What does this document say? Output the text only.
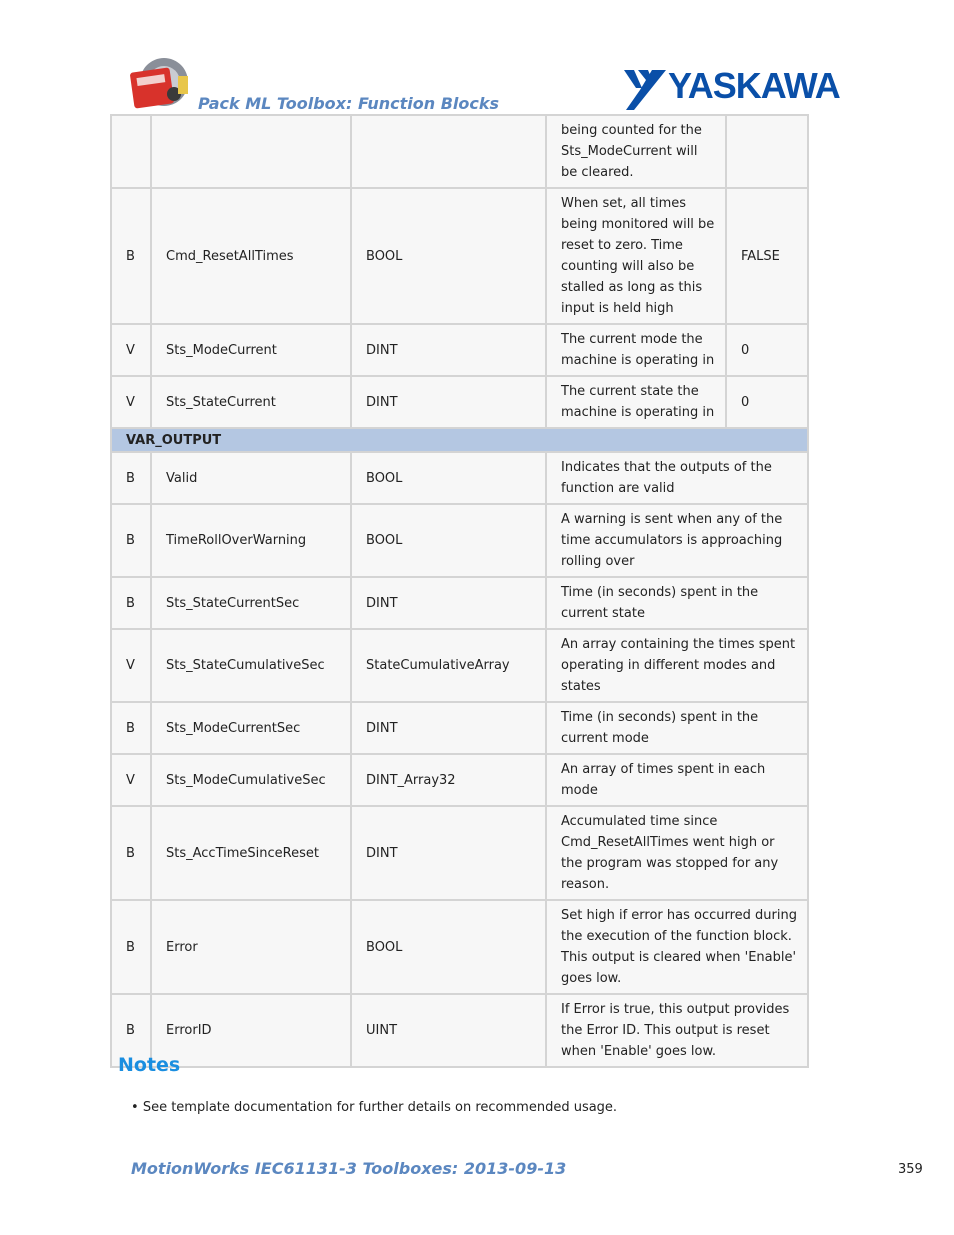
Pack ML Toolbox: Function Blocks	YASKAWA
			being counted for the Sts_ModeCurrent will be cleared.	
B	Cmd_ResetAllTimes	BOOL	When set, all times being monitored will be reset to zero. Time counting will also be stalled as long as this input is held high	FALSE
V	Sts_ModeCurrent	DINT	The current mode the machine is operating in	0
V	Sts_StateCurrent	DINT	The current state the machine is operating in	0
VAR_OUTPUT				
B	Valid	BOOL	Indicates that the outputs of the function are valid	
B	TimeRollOverWarning	BOOL	A warning is sent when any of the time accumulators is approaching rolling over	
B	Sts_StateCurrentSec	DINT	Time (in seconds) spent in the current state	
V	Sts_StateCumulativeSec	StateCumulativeArray	An array containing the times spent operating in different modes and states	
B	Sts_ModeCurrentSec	DINT	Time (in seconds) spent in the current mode	
V	Sts_ModeCumulativeSec	DINT_Array32	An array of times spent in each mode	
B	Sts_AccTimeSinceReset	DINT	Accumulated time since Cmd_ResetAllTimes went high or the program was stopped for any reason.	
B	Error	BOOL	Set high if error has occurred during the execution of the function block. This output is cleared when 'Enable' goes low.	
B	ErrorID	UINT	If Error is true, this output provides the Error ID. This output is reset when 'Enable' goes low.	
Notes
• See template documentation for further details on recommended usage.
MotionWorks IEC61131-3 Toolboxes: 2013-09-13	359
